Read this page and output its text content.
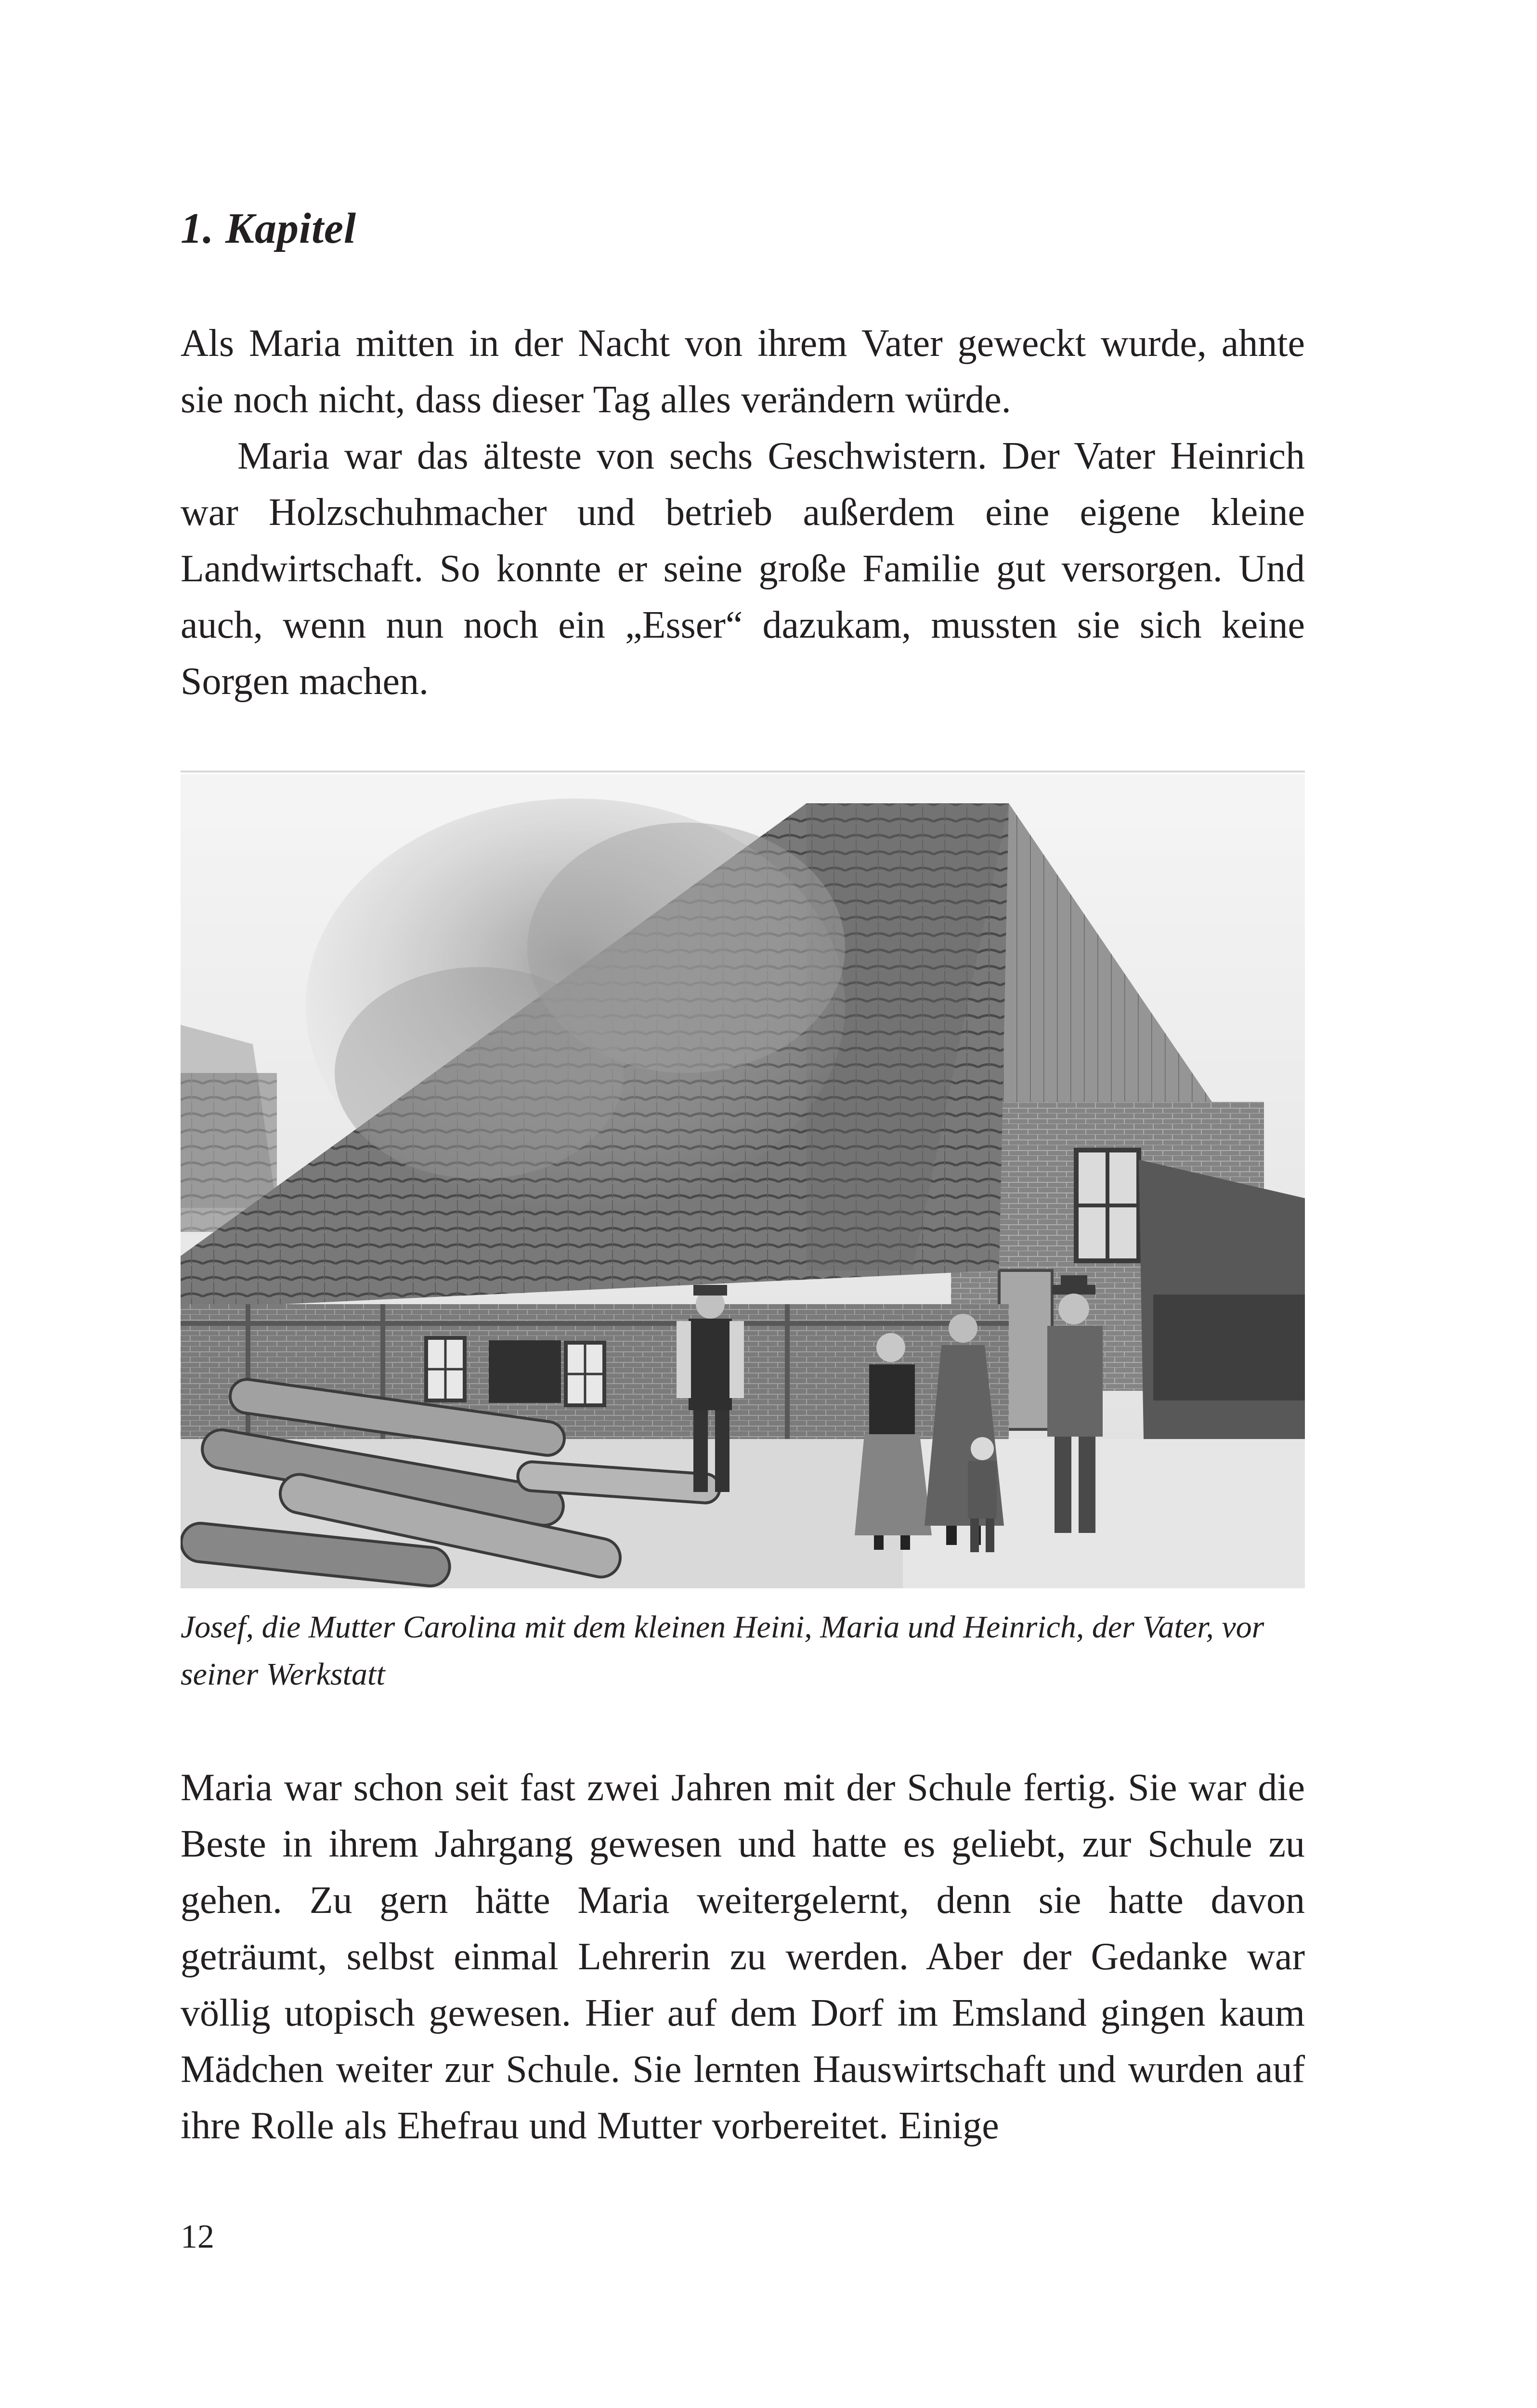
1. Kapitel

Als Maria mitten in der Nacht von ihrem Vater geweckt wurde, ahnte sie noch nicht, dass dieser Tag alles verändern würde.

Maria war das älteste von sechs Geschwistern. Der Vater Heinrich war Holzschuhmacher und betrieb außerdem eine eigene kleine Landwirtschaft. So konnte er seine große Familie gut versorgen. Und auch, wenn nun noch ein „Esser“ dazukam, mussten sie sich keine Sorgen machen.

Josef, die Mutter Carolina mit dem kleinen Heini, Maria und Heinrich, der Vater, vor seiner Werkstatt

Maria war schon seit fast zwei Jahren mit der Schule fertig. Sie war die Beste in ihrem Jahrgang gewesen und hatte es geliebt, zur Schule zu gehen. Zu gern hätte Maria weitergelernt, denn sie hatte davon geträumt, selbst einmal Lehrerin zu werden. Aber der Gedanke war völlig utopisch gewesen. Hier auf dem Dorf im Emsland gingen kaum Mädchen weiter zur Schule. Sie lernten Hauswirtschaft und wurden auf ihre Rolle als Ehefrau und Mutter vorbereitet. Einige

12
